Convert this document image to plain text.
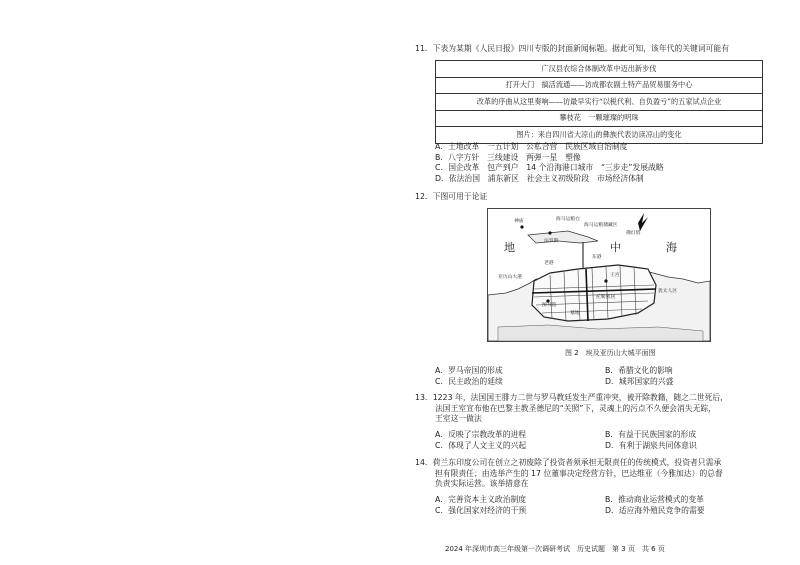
11．下表为某期《人民日报》四川专版的封面新闻标题。据此可知，该年代的关键词可能有
广汉县农综合体制改革中迈出新步伐
打开大门　搞活流通——访成都农副土特产品贸易服务中心
改革的序曲从这里奏响——访最早实行“以税代利、自负盈亏”的五家试点企业
攀枝花　一颗璀璨的明珠
图片：来自四川省大凉山的彝族代表访读凉山的变化
A．土地改革　一五计划　公私合营　民族区域自治制度
B．八字方针　三线建设　两弹一星　塑像
C．国企改革　包产到户　14 个沿海港口城市　“三步走”发展战略
D．依法治国　浦东新区　社会主义初级阶段　市场经济体制
12．下图可用于论证
地	中	海
神庙	海马运粮仓
海马运粮储藏区
法罗斯
佛灯塔
王宫
托勒密居
图书馆
犹太人区
亚历山大港
东港
老港
墓地
图 2　埃及亚历山大城平面图
A．罗马帝国的形成	B．希腊文化的影响
C．民主政治的延续	D．城邦国家的兴盛
13．1223 年，法国国王腓力二世与罗马教廷发生严重冲突，被开除教籍，随之二世死后，
法国王室宣布他在巴黎主教圣德尼的“关照”下，灵魂上的污点不久便会消失无踪，
王室这一做法
A．反映了宗教改革的进程	B．有益于民族国家的形成
C．体现了人文主义的兴起	D．有利于湖泉共同体意识
14．荷兰东印度公司在创立之初废除了投资者须承担无限责任的传统模式，投资者只需承
担有限责任；由选举产生的 17 位董事决定经营方针，巴达维亚（今雅加达）的总督
负责实际运营。该举措意在
A．完善资本主义政治制度	B．推动商业运营模式的变革
C．强化国家对经济的干预	D．适应海外殖民竞争的需要
2024 年深圳市高三年级第一次调研考试　历史试题　第 3 页　共 6 页
